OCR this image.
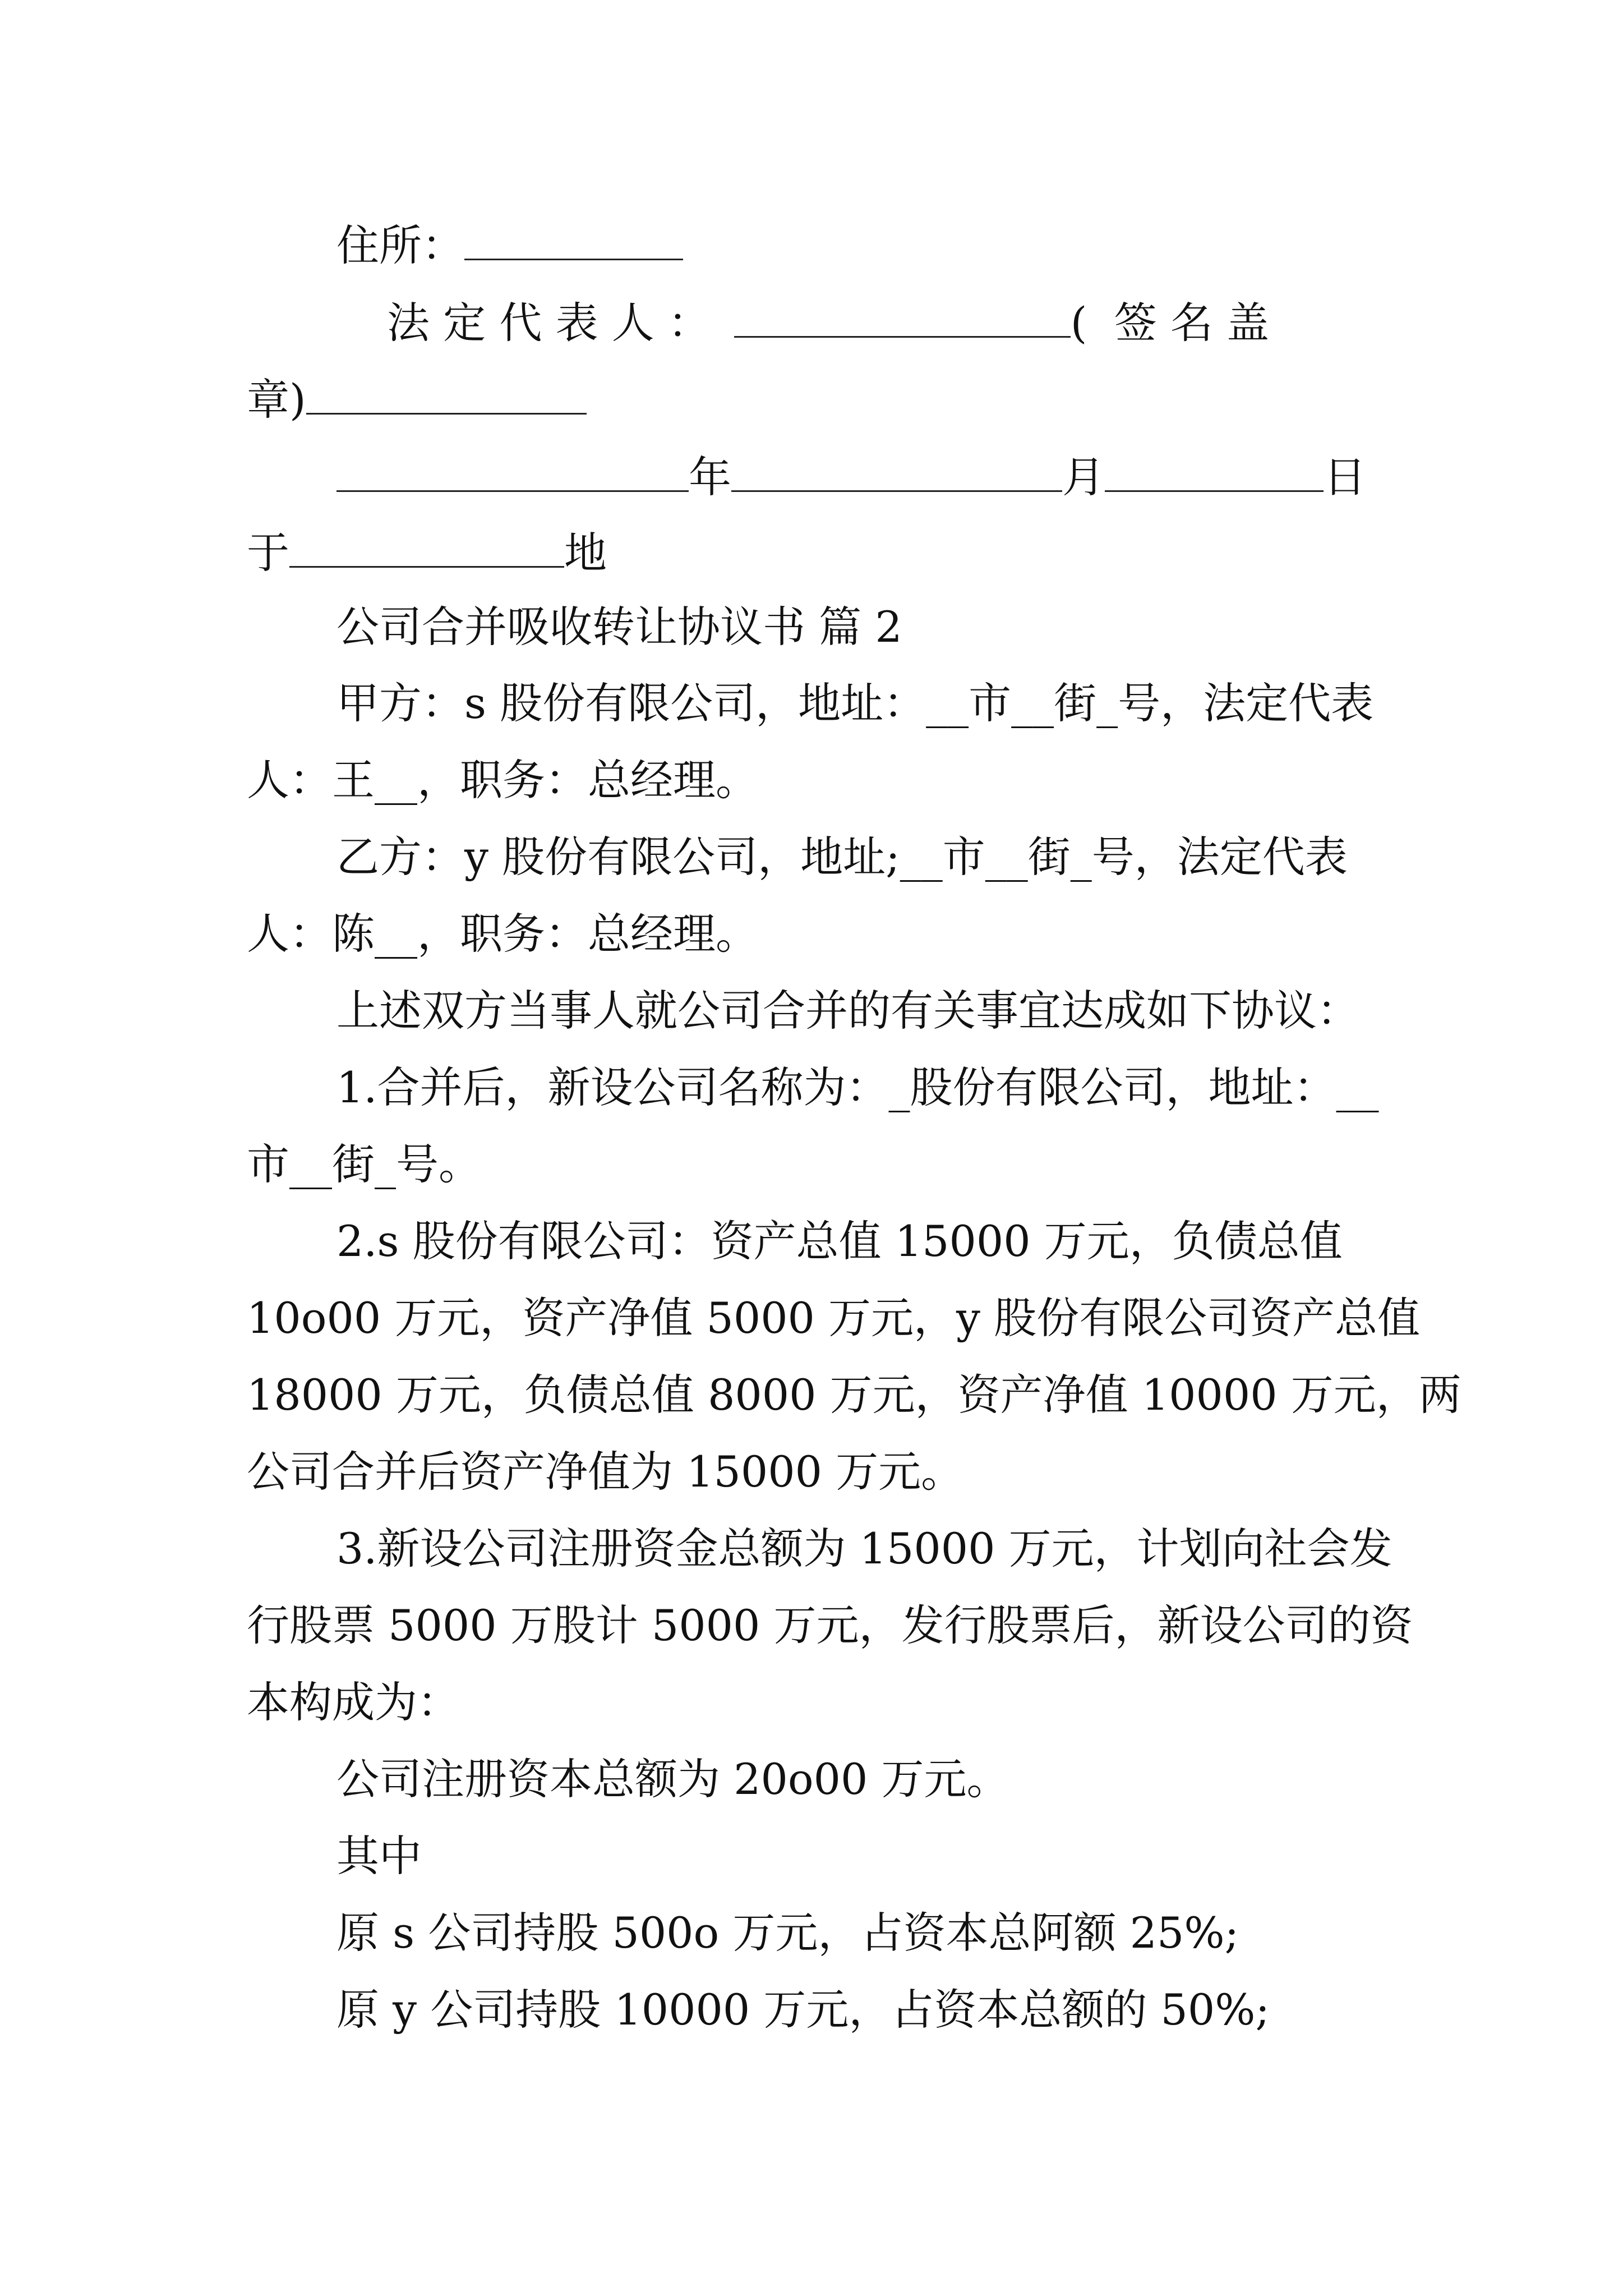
住所：
法 定 代 表 人 ：	(  签 名 盖
章)
年	月	日
于	地
公司合并吸收转让协议书 篇 2
甲方：s 股份有限公司，地址：__市__街_号，法定代表
人：王__，职务：总经理。
乙方：y 股份有限公司，地址;__市__街_号，法定代表
人：陈__，职务：总经理。
上述双方当事人就公司合并的有关事宜达成如下协议：
1.合并后，新设公司名称为：_股份有限公司，地址：__
市__街_号。
2.s 股份有限公司：资产总值 15000 万元，负债总值
10o00 万元，资产净值 5000 万元，y 股份有限公司资产总值
18000 万元，负债总值 8000 万元，资产净值 10000 万元，两
公司合并后资产净值为 15000 万元。
3.新设公司注册资金总额为 15000 万元，计划向社会发
行股票 5000 万股计 5000 万元，发行股票后，新设公司的资
本构成为：
公司注册资本总额为 20o00 万元。
其中
原 s 公司持股 500o 万元，占资本总阿额 25%;
原 y 公司持股 10000 万元，占资本总额的 50%;
